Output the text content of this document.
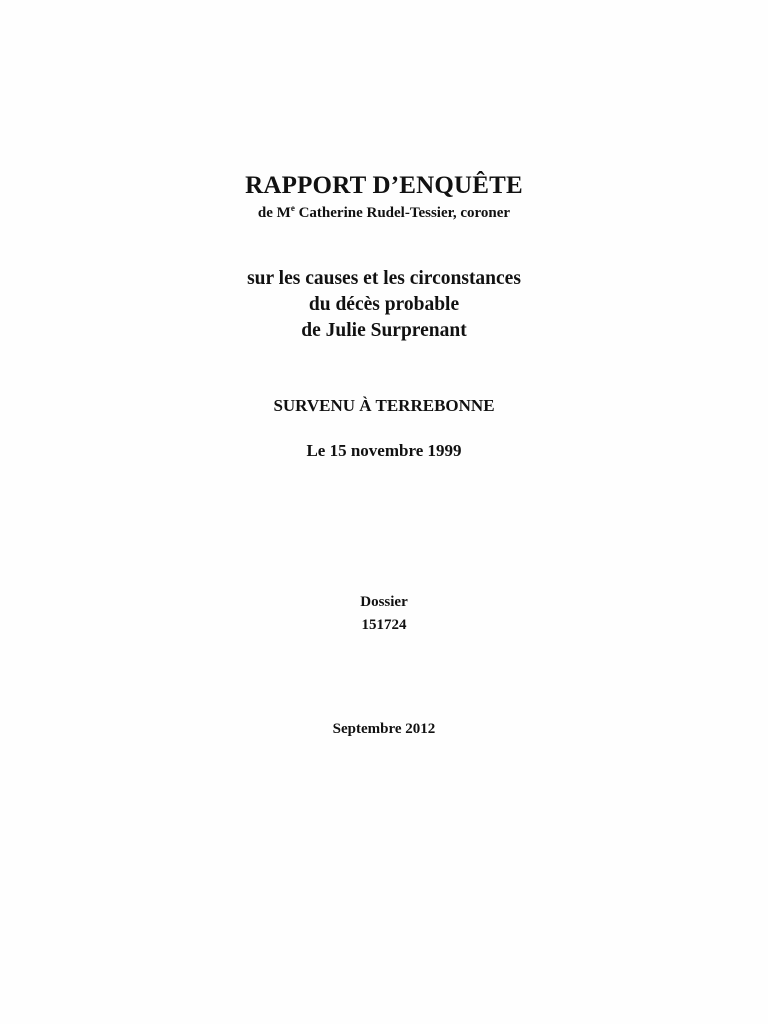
RAPPORT D’ENQUÊTE
de Me Catherine Rudel-Tessier, coroner
sur les causes et les circonstances
du décès probable
de Julie Surprenant
SURVENU À TERREBONNE
Le 15 novembre 1999
Dossier
151724
Septembre 2012
